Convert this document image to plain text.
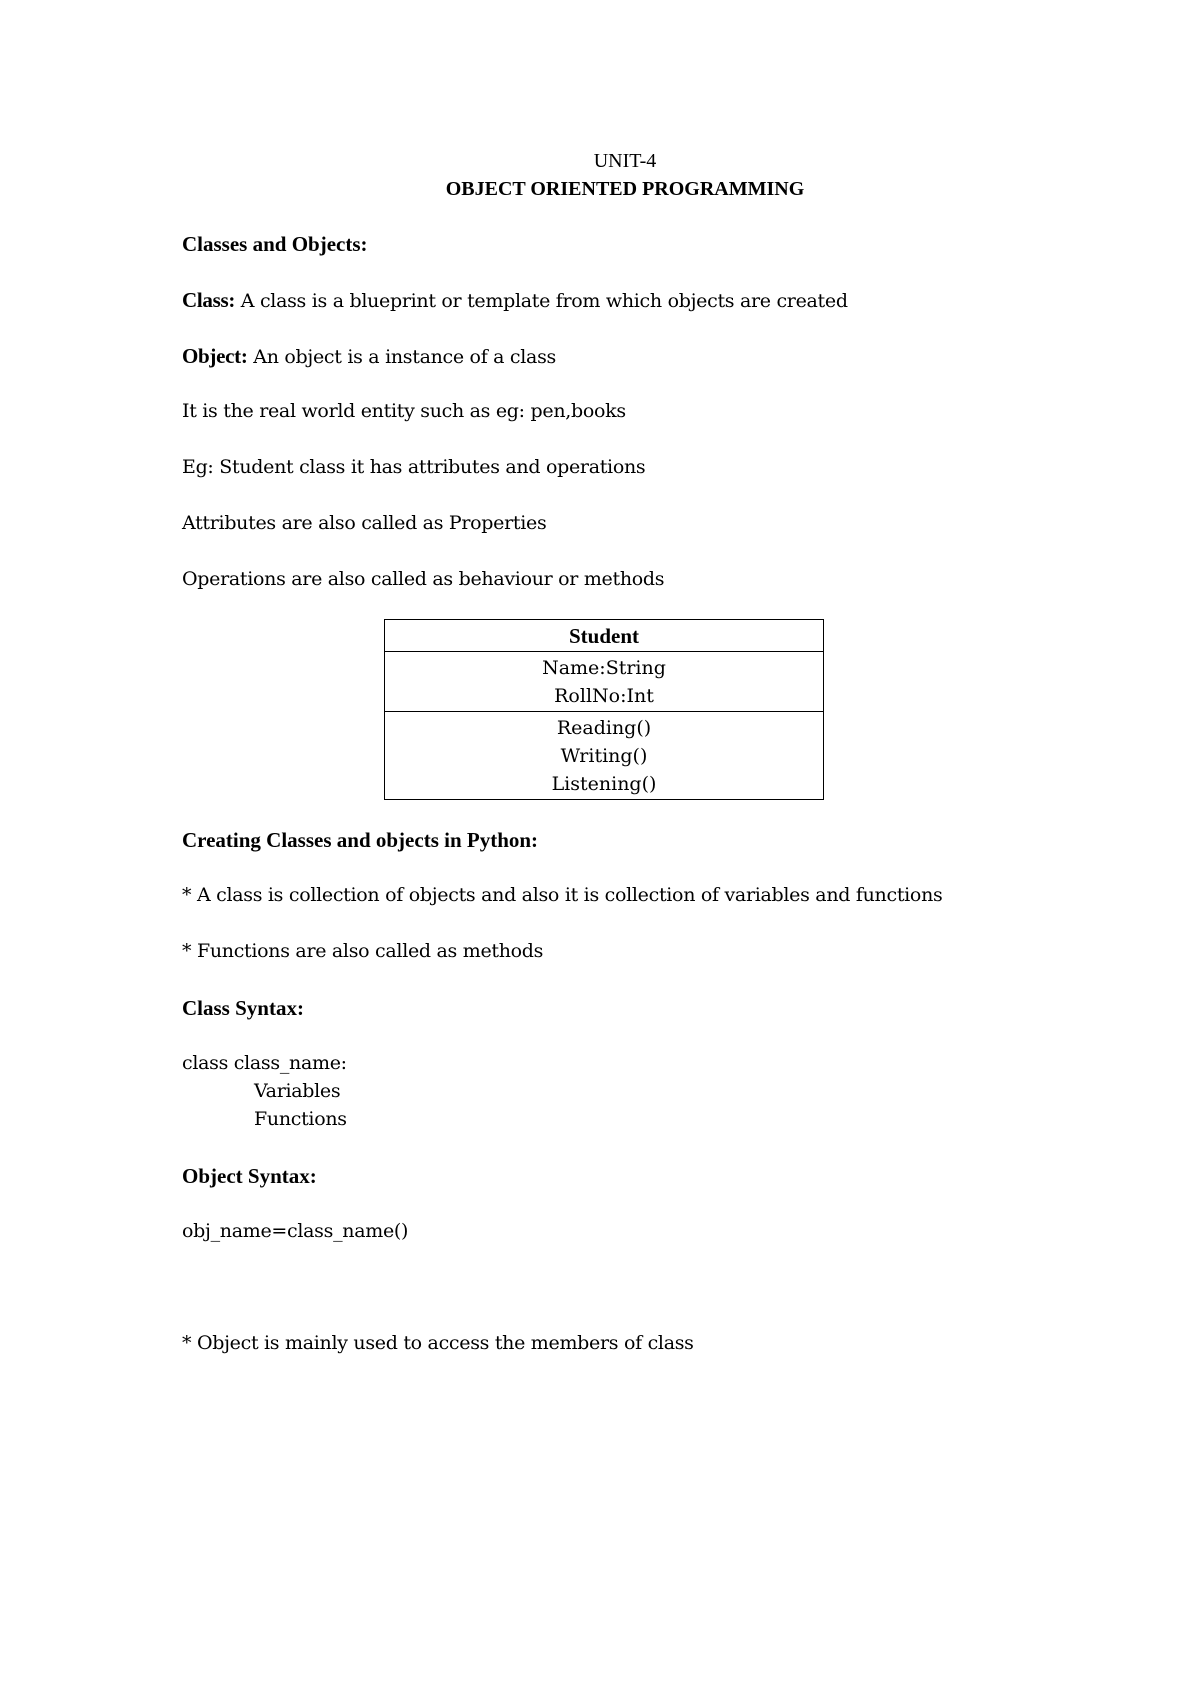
UNIT-4
OBJECT ORIENTED PROGRAMMING
Classes and Objects:
Class: A class is a blueprint or template from which objects are created
Object: An object is a instance of a class
It is the real world entity such as eg: pen,books
Eg: Student class it has attributes and operations
Attributes are also called as Properties
Operations are also called as behaviour or methods
Student
Name:String
RollNo:Int
Reading()
Writing()
Listening()
Creating Classes and objects in Python:
* A class is collection of objects and also it is collection of variables and functions
* Functions are also called as methods
Class Syntax:
class class_name:
Variables
Functions
Object Syntax:
obj_name=class_name()
* Object is mainly used to access the members of class
